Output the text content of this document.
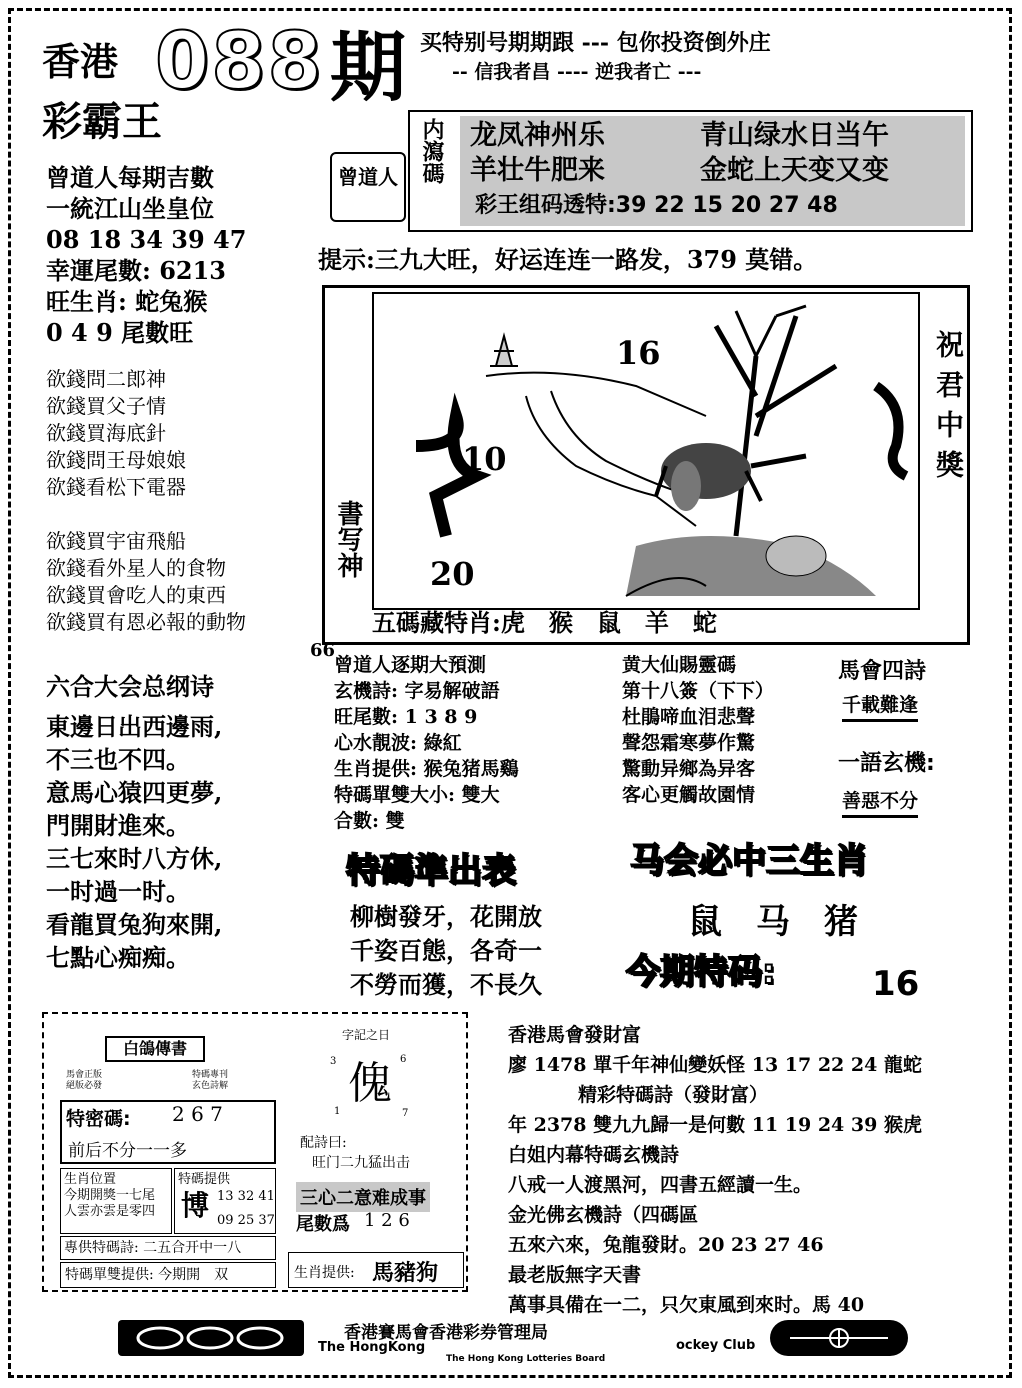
香港 088 期
彩霸王
买特别号期期跟 --- 包你投资倒外庄
-- 信我者昌 ---- 逆我者亡 ---
内瀉碼
曾道人
龙凤神州乐	青山绿水日当午
羊壮牛肥来	金蛇上天变又变
彩王组码透特:39 22 15 20 27 48
提示:三九大旺，好运连连一路发，379 莫错。
曾道人每期吉數
一統江山坐皇位
08 18 34 39 47
幸運尾數: 6213
旺生肖: 蛇兔猴
0 4 9 尾數旺
欲錢問二郎神
欲錢買父子情
欲錢買海底針
欲錢問王母娘娘
欲錢看松下電器
欲錢買宇宙飛船
欲錢看外星人的食物
欲錢買會吃人的東西
欲錢買有恩必報的動物
16
10
20
書写神
祝君中獎
五碼藏特肖:虎　猴　鼠　羊　蛇
六合大会总纲诗
東邊日出西邊雨,
不三也不四。
意馬心猿四更夢,
門開財進來。
三七來时八方休,
一时過一时。
看龍買兔狗來開,
七點心痴痴。
66
曾道人逐期大預測
玄機詩: 字易解破語
旺尾數: 1 3 8 9
心水靚波: 綠紅
生肖提供: 猴兔猪馬鷄
特碼單雙大小: 雙大
合數: 雙
黄大仙賜靈碼
第十八簽（下下）
杜鵑啼血泪悲聲
聲怨霜寒夢作驚
驚動异鄉為异客
客心更觸故園情
馬會四詩
千載難逢
一語玄機:
善惡不分
特碼準出表
柳樹發牙，花開放
千姿百態，各奇一
不勞而獲，不長久
马会必中三生肖
鼠　马　猪
今期特码:	16
白鴿傳書
馬會正版
絕版必發
特碼專刊
玄色詩解
字記之日
3	6
傀
1	7
特密碼: 2 6 7
前后不分一一多
生肖位置
今期開獎一七尾
人雲亦雲是零四
特碼提供
博 13 32 41
09 25 37
配詩曰:
旺门二九猛出击
三心二意难成事
尾數爲 1 2 6
專供特碼詩: 二五合开中一八
特碼單雙提供: 今期開　双	生肖提供: 馬豬狗
香港馬會發財富
廖 1478 單千年神仙變妖怪 13 17 22 24 龍蛇
精彩特碼詩（發財富）
年 2378 雙九九歸一是何數 11 19 24 39 猴虎
白姐内幕特碼玄機詩
八戒一人渡黑河，四書五經讀一生。
金光佛玄機詩（四碼區
五來六來，兔龍發財。20 23 27 46
最老版無字天書
萬事具備在一二，只欠東風到來时。馬 40
香港賽馬會香港彩券管理局
The HongKong	ockey Club
The Hong Kong Lotteries Board
